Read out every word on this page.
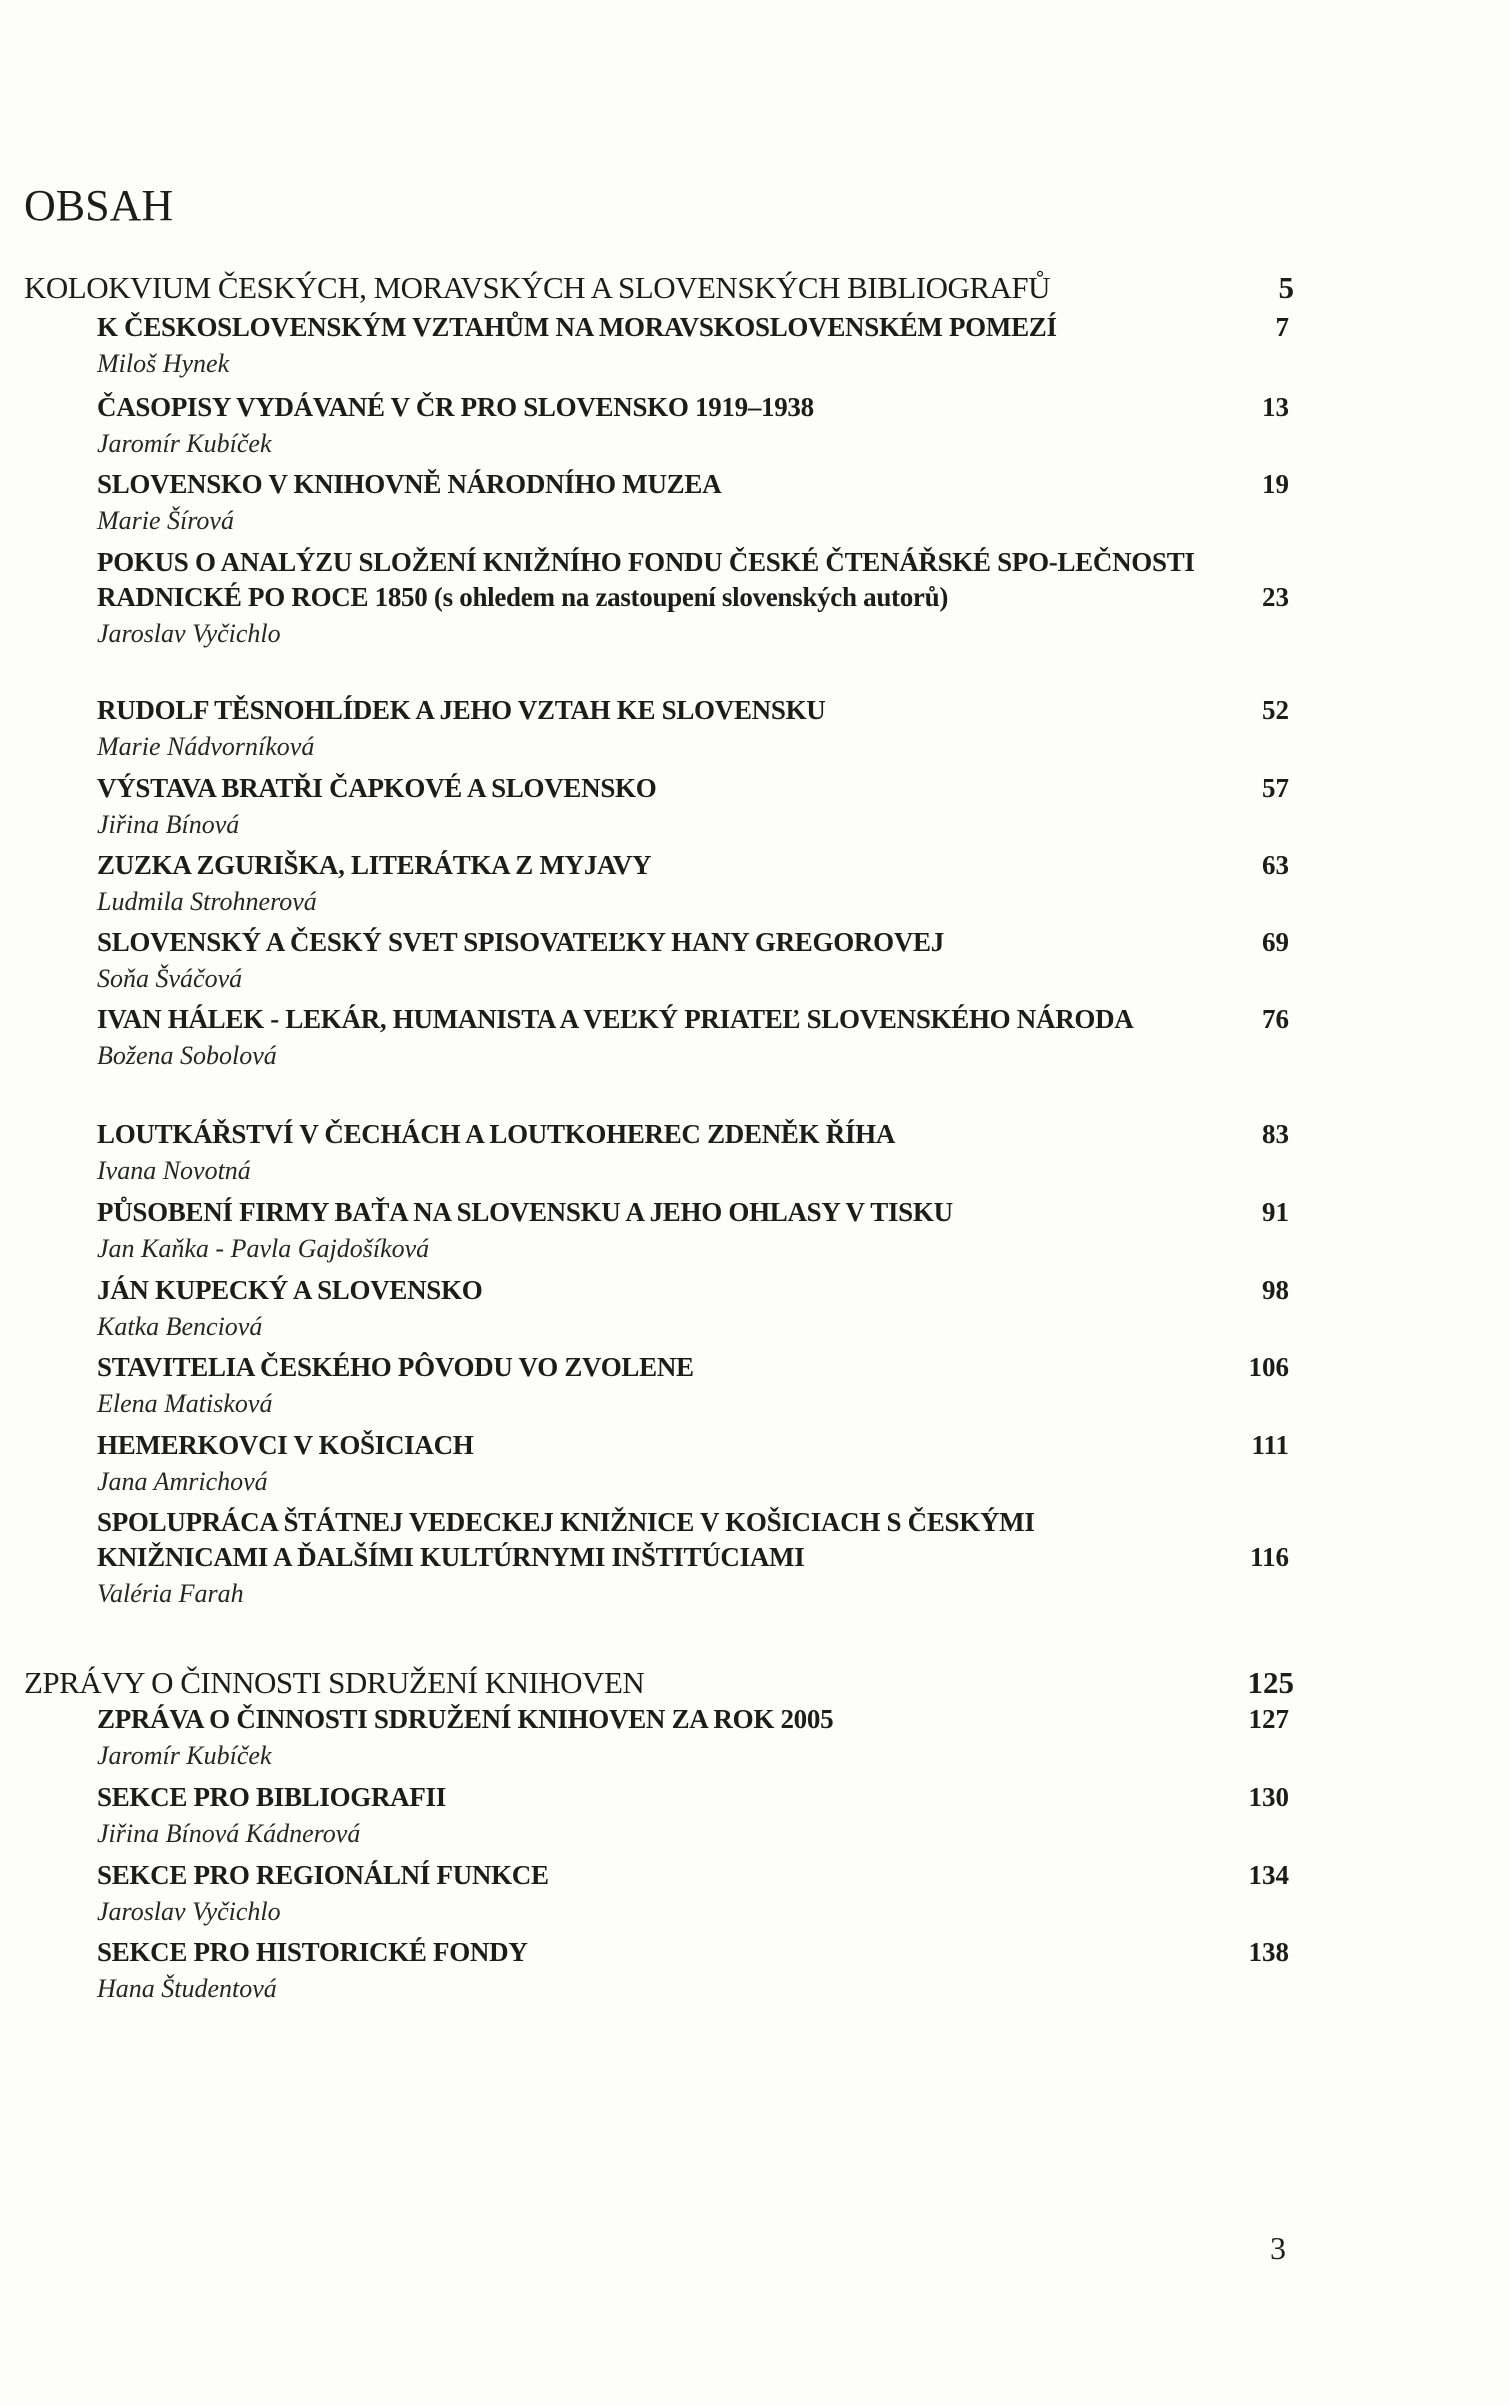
OBSAH
KOLOKVIUM ČESKÝCH, MORAVSKÝCH A SLOVENSKÝCH BIBLIOGRAFŮ	5
K ČESKOSLOVENSKÝM VZTAHŮM NA MORAVSKOSLOVENSKÉM POMEZÍ	7
Miloš Hynek
ČASOPISY VYDÁVANÉ V ČR PRO SLOVENSKO 1919–1938	13
Jaromír Kubíček
SLOVENSKO V KNIHOVNĚ NÁRODNÍHO MUZEA	19
Marie Šírová
POKUS O ANALÝZU SLOŽENÍ KNIŽNÍHO FONDU ČESKÉ ČTENÁŘSKÉ SPO-LEČNOSTI RADNICKÉ PO ROCE 1850 (s ohledem na zastoupení slovenských autorů)	23
Jaroslav Vyčichlo
RUDOLF TĚSNOHLÍDEK A JEHO VZTAH KE SLOVENSKU	52
Marie Nádvorníková
VÝSTAVA BRATŘI ČAPKOVÉ A SLOVENSKO	57
Jiřina Bínová
ZUZKA ZGURIŠKA, LITERÁTKA Z MYJAVY	63
Ludmila Strohnerová
SLOVENSKÝ A ČESKÝ SVET SPISOVATEĽKY HANY GREGOROVEJ	69
Soňa Šváčová
IVAN HÁLEK - LEKÁR, HUMANISTA A VEĽKÝ PRIATEĽ SLOVENSKÉHO NÁRODA	76
Božena Sobolová
LOUTKÁŘSTVÍ V ČECHÁCH A LOUTKOHEREC ZDENĚK ŘÍHA	83
Ivana Novotná
PŮSOBENÍ FIRMY BAŤA NA SLOVENSKU A JEHO OHLASY V TISKU	91
Jan Kaňka - Pavla Gajdošíková
JÁN KUPECKÝ A SLOVENSKO	98
Katka Benciová
STAVITELIA ČESKÉHO PÔVODU VO ZVOLENE	106
Elena Matisková
HEMERKOVCI V KOŠICIACH	111
Jana Amrichová
SPOLUPRÁCA ŠTÁTNEJ VEDECKEJ KNIŽNICE V KOŠICIACH S ČESKÝMI KNIŽNICAMI A ĎALŠÍMI KULTÚRNYMI INŠTITÚCIAMI	116
Valéria Farah
ZPRÁVY O ČINNOSTI SDRUŽENÍ KNIHOVEN	125
ZPRÁVA O ČINNOSTI SDRUŽENÍ KNIHOVEN ZA ROK 2005	127
Jaromír Kubíček
SEKCE PRO BIBLIOGRAFII	130
Jiřina Bínová Kádnerová
SEKCE PRO REGIONÁLNÍ FUNKCE	134
Jaroslav Vyčichlo
SEKCE PRO HISTORICKÉ FONDY	138
Hana Študentová
3
